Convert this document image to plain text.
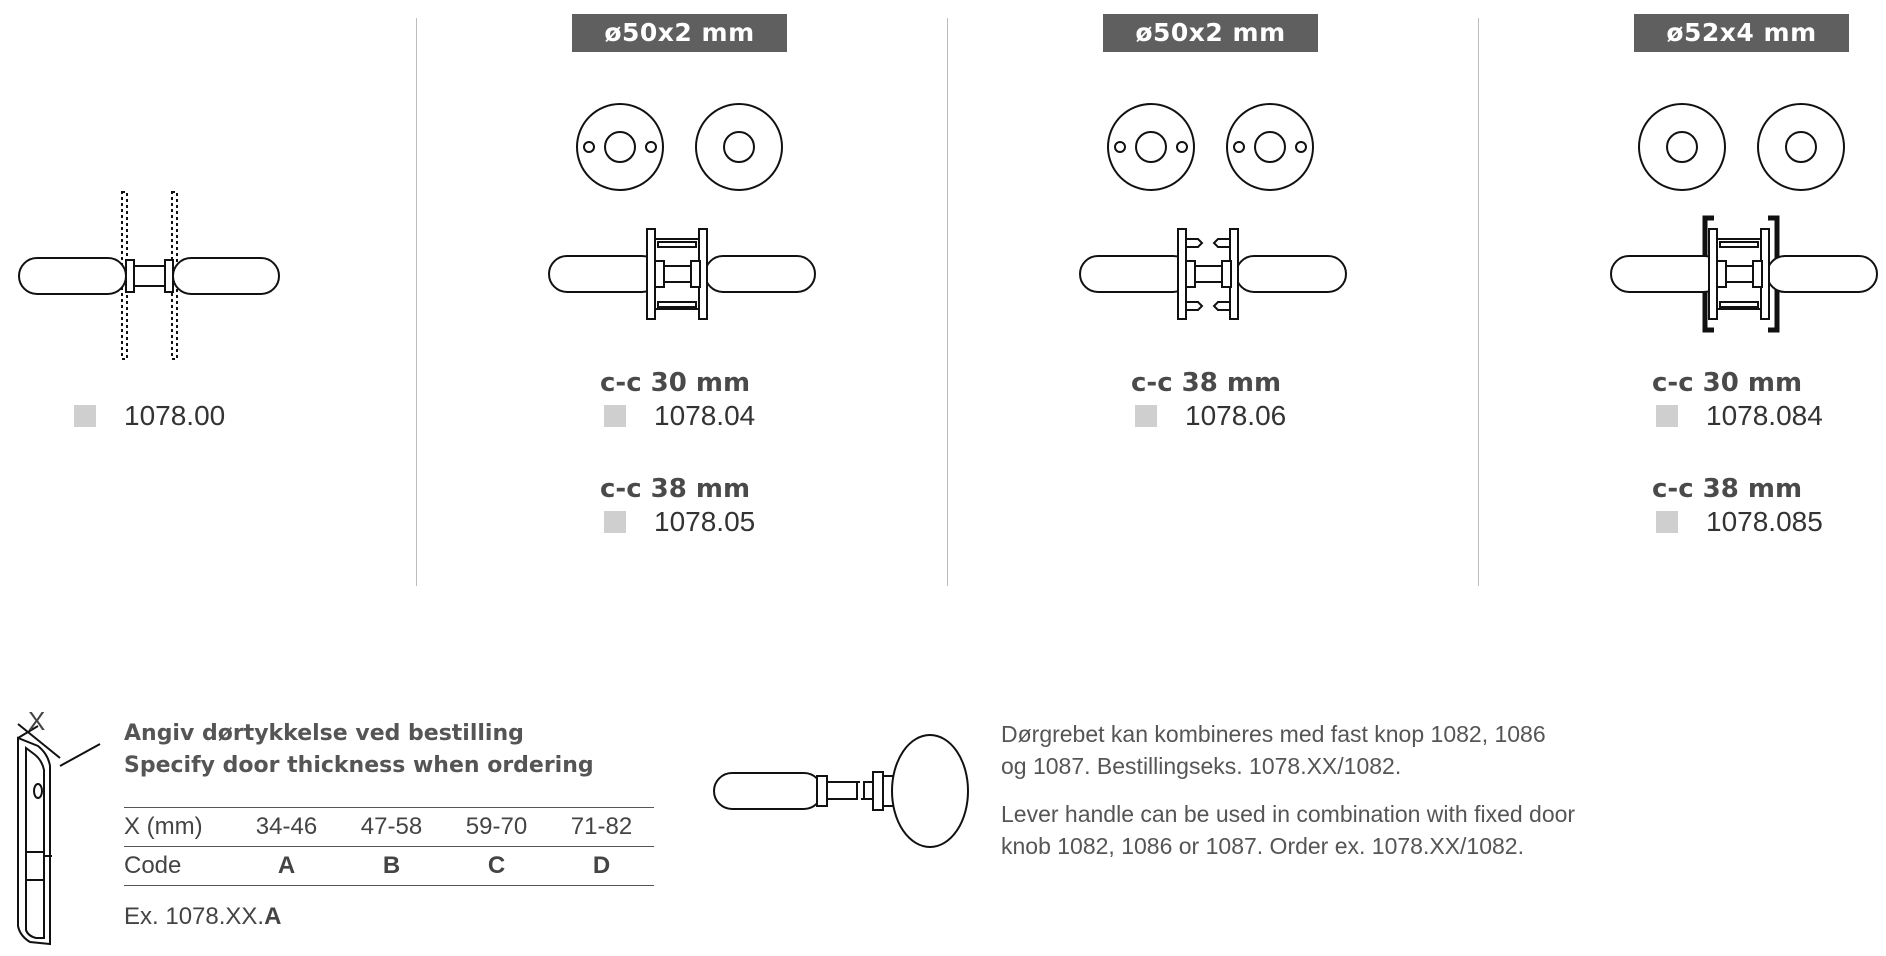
1078.00
ø50x2 mm
c-c 30 mm
1078.04
c-c 38 mm
1078.05
ø50x2 mm
c-c 38 mm
1078.06
ø52x4 mm
c-c 30 mm
1078.084
c-c 38 mm
1078.085
X	Angiv dørtykkelse ved bestilling
Specify door thickness when ordering
X (mm)	34-46	47-58	59-70	71-82
Code	A	B	C	D
Ex. 1078.XX.A
Dørgrebet kan kombineres med fast knop 1082, 1086
og 1087. Bestillingseks. 1078.XX/1082.
Lever handle can be used in combination with fixed door
knob 1082, 1086 or 1087. Order ex. 1078.XX/1082.
